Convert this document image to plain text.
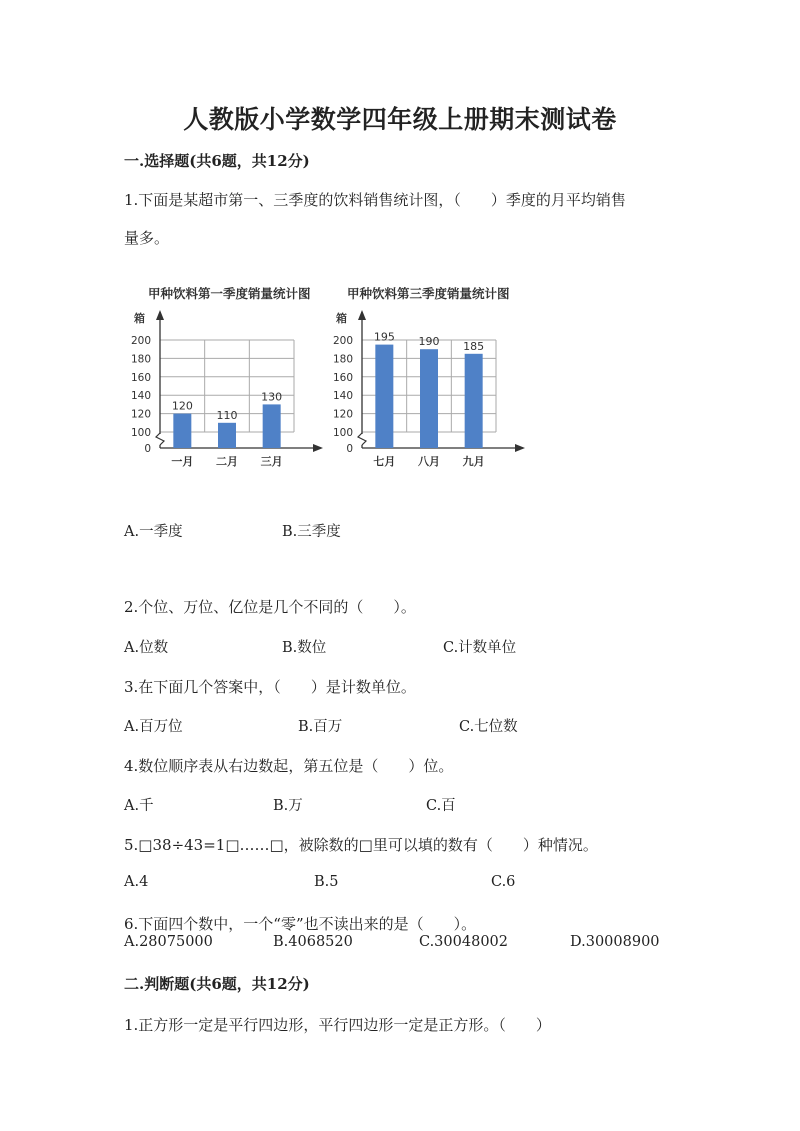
人教版小学数学四年级上册期末测试卷
一.选择题(共6题，共12分)
1.下面是某超市第一、三季度的饮料销售统计图，（　　）季度的月平均销售
量多。
甲种饮料第一季度销量统计图
箱
0
100
120
140
160
180
200
120
一月
110
二月
130
三月
甲种饮料第三季度销量统计图
箱
0
100
120
140
160
180
200 195
七月
190
八月
185
九月
A.一季度	B.三季度
2.个位、万位、亿位是几个不同的（　　）。
A.位数	B.数位	C.计数单位
3.在下面几个答案中，（　　）是计数单位。
A.百万位	B.百万	C.七位数
4.数位顺序表从右边数起，第五位是（　　）位。
A.千	B.万	C.百
5.□38÷43=1□……□，被除数的□里可以填的数有（　　）种情况。
A.4	B.5	C.6
6.下面四个数中，一个“零”也不读出来的是（　　）。
A.28075000	B.4068520	C.30048002	D.30008900
二.判断题(共6题，共12分)
1.正方形一定是平行四边形，平行四边形一定是正方形。（　　）
